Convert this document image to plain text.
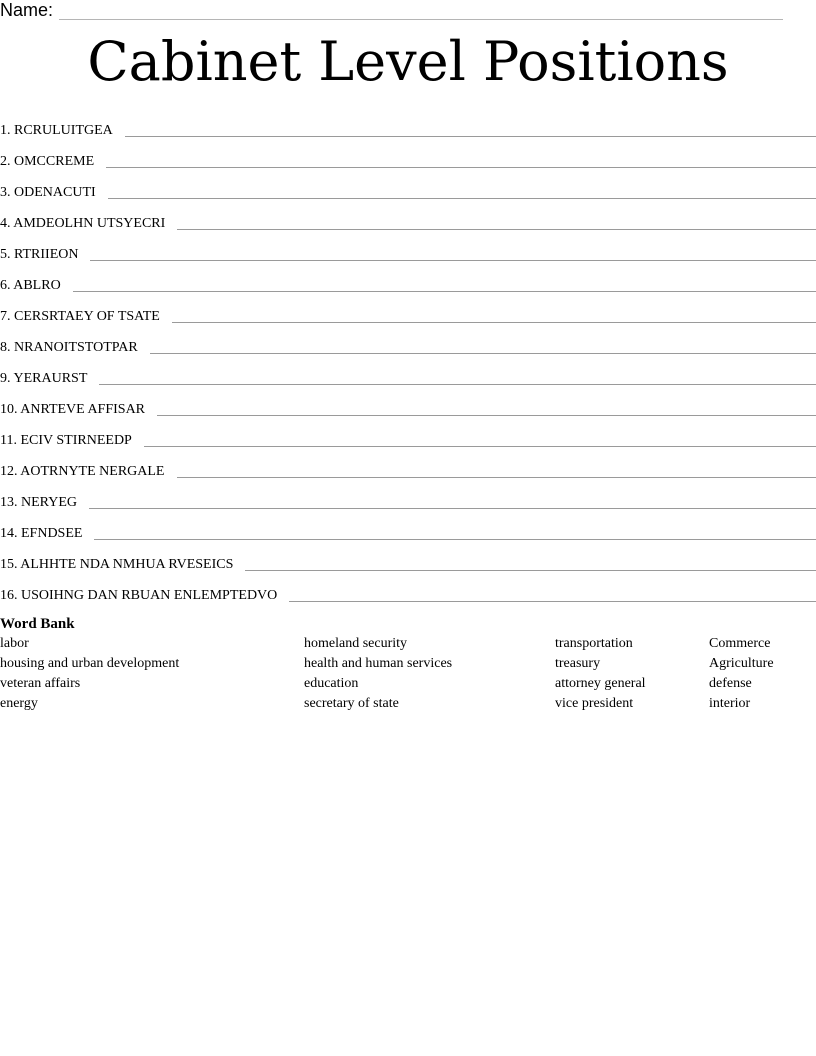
Name:
Cabinet Level Positions
1. RCRULUITGEA
2. OMCCREME
3. ODENACUTI
4. AMDEOLHN UTSYECRI
5. RTRIIEON
6. ABLRO
7. CERSRTAEY OF TSATE
8. NRANOITSTOTPAR
9. YERAURST
10. ANRTEVE AFFISAR
11. ECIV STIRNEEDP
12. AOTRNYTE NERGALE
13. NERYEG
14. EFNDSEE
15. ALHHTE NDA NMHUA RVESEICS
16. USOIHNG DAN RBUAN ENLEMPTEDVO
Word Bank
labor	homeland security	transportation	Commerce
housing and urban development	health and human services	treasury	Agriculture
veteran affairs	education	attorney general	defense
energy	secretary of state	vice president	interior
